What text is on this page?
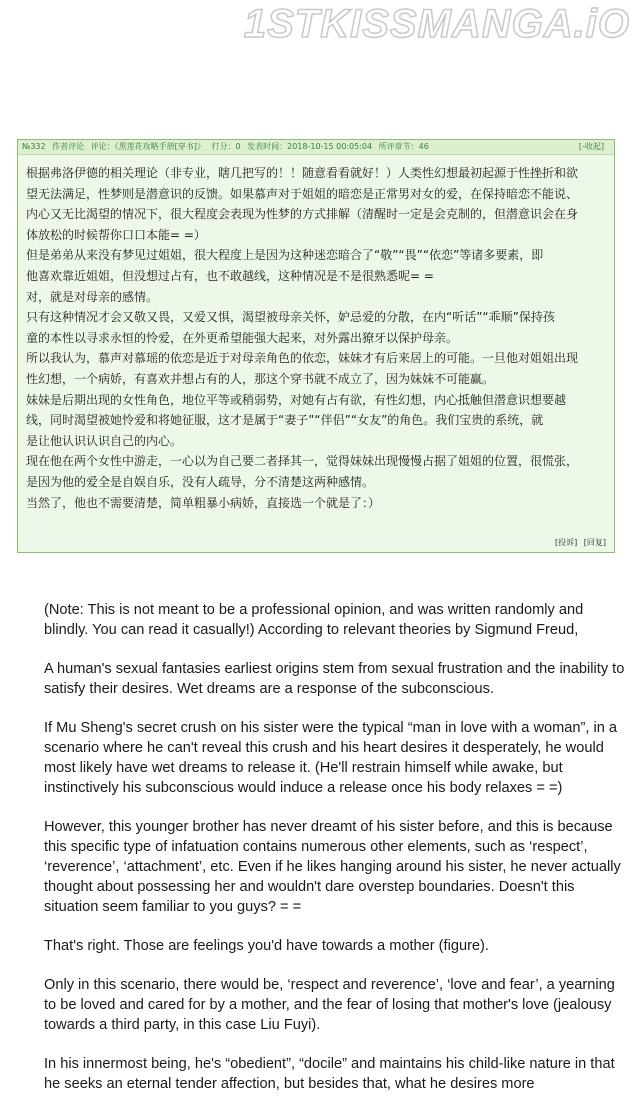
1STKISSMANGA.iO
№332 作者评论 评论：《黑莲花攻略手册[穿书]》 打分：0 发表时间：2018-10-15 00:05:04 所评章节：46	[-收起]

根据弗洛伊德的相关理论（非专业，瞎几把写的！！随意看看就好！）人类性幻想最初起源于性挫折和欲

望无法满足，性梦则是潜意识的反馈。如果慕声对于姐姐的暗恋是正常男对女的爱，在保持暗恋不能说、

内心又无比渴望的情况下，很大程度会表现为性梦的方式排解（清醒时一定是会克制的，但潜意识会在身

体放松的时候帮你口口本能= =）

但是弟弟从来没有梦见过姐姐，很大程度上是因为这种迷恋暗合了“敬”“畏”“依恋”等诸多要素，即

他喜欢靠近姐姐，但没想过占有，也不敢越线，这种情况是不是很熟悉呢= =

对，就是对母亲的感情。

只有这种情况才会又敬又畏，又爱又惧，渴望被母亲关怀，妒忌爱的分散，在内“听话”“乖顺”保持孩

童的本性以寻求永恒的怜爱，在外更希望能强大起来，对外露出獠牙以保护母亲。

所以我认为，慕声对慕瑶的依恋是近于对母亲角色的依恋，妹妹才有后来居上的可能。一旦他对姐姐出现

性幻想，一个病娇，有喜欢并想占有的人，那这个穿书就不成立了，因为妹妹不可能赢。

妹妹是后期出现的女性角色，地位平等或稍弱势，对她有占有欲，有性幻想，内心抵触但潜意识想要越

线，同时渴望被她怜爱和将她征服，这才是属于“妻子”“伴侣”“女友”的角色。我们宝贵的系统，就

是让他认识认识自己的内心。

现在他在两个女性中游走，一心以为自己要二者择其一，觉得妹妹出现慢慢占据了姐姐的位置，很慌张，

是因为他的爱全是自娱自乐，没有人疏导，分不清楚这两种感情。

当然了，他也不需要清楚，简单粗暴小病娇，直接选一个就是了：）

[投诉] [回复]

(Note: This is not meant to be a professional opinion, and was written randomly and blindly. You can read it casually!) According to relevant theories by Sigmund Freud,

A human's sexual fantasies earliest origins stem from sexual frustration and the inability to satisfy their desires. Wet dreams are a response of the subconscious.

If Mu Sheng's secret crush on his sister were the typical “man in love with a woman”, in a scenario where he can't reveal this crush and his heart desires it desperately, he would most likely have wet dreams to release it. (He'll restrain himself while awake, but instinctively his subconscious would induce a release once his body relaxes = =)

However, this younger brother has never dreamt of his sister before, and this is because this specific type of infatuation contains numerous other elements, such as ‘respect’, ‘reverence’, ‘attachment’, etc. Even if he likes hanging around his sister, he never actually thought about possessing her and wouldn't dare overstep boundaries. Doesn't this situation seem familiar to you guys? = =

That's right. Those are feelings you'd have towards a mother (figure).

Only in this scenario, there would be, ‘respect and reverence’, ‘love and fear’, a yearning to be loved and cared for by a mother, and the fear of losing that mother's love (jealousy towards a third party, in this case Liu Fuyi).

In his innermost being, he's “obedient”, “docile” and maintains his child-like nature in that he seeks an eternal tender affection, but besides that, what he desires more
